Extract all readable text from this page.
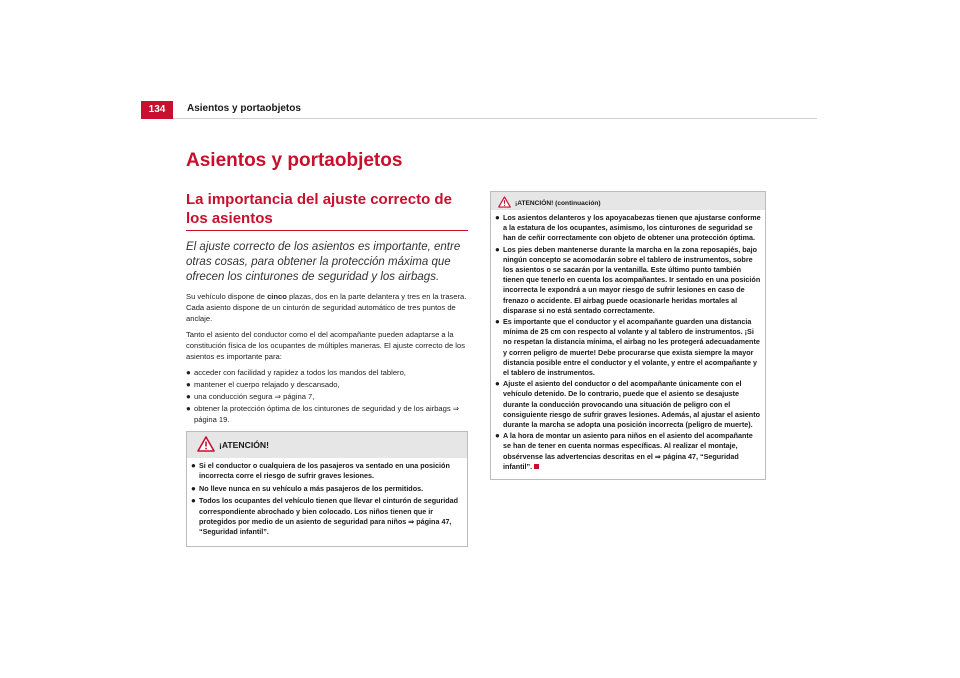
134	Asientos y portaobjetos
Asientos y portaobjetos
La importancia del ajuste correcto de los asientos

El ajuste correcto de los asientos es importante, entre otras cosas, para obtener la protección máxima que ofrecen los cinturones de seguridad y los airbags.

Su vehículo dispone de cinco plazas, dos en la parte delantera y tres en la trasera. Cada asiento dispone de un cinturón de seguridad automático de tres puntos de anclaje.

Tanto el asiento del conductor como el del acompañante pueden adaptarse a la constitución física de los ocupantes de múltiples maneras. El ajuste correcto de los asientos es importante para:

● acceder con facilidad y rapidez a todos los mandos del tablero,
● mantener el cuerpo relajado y descansado,
● una conducción segura ⇒ página 7,
● obtener la protección óptima de los cinturones de seguridad y de los airbags ⇒ página 19.
¡ATENCIÓN!
● Si el conductor o cualquiera de los pasajeros va sentado en una posición incorrecta corre el riesgo de sufrir graves lesiones.
● No lleve nunca en su vehículo a más pasajeros de los permitidos.
● Todos los ocupantes del vehículo tienen que llevar el cinturón de seguridad correspondiente abrochado y bien colocado. Los niños tienen que ir protegidos por medio de un asiento de seguridad para niños ⇒ página 47, “Seguridad infantil”.
¡ATENCIÓN! (continuación)
● Los asientos delanteros y los apoyacabezas tienen que ajustarse conforme a la estatura de los ocupantes, asimismo, los cinturones de seguridad se han de ceñir correctamente con objeto de obtener una protección óptima.
● Los pies deben mantenerse durante la marcha en la zona reposapiés, bajo ningún concepto se acomodarán sobre el tablero de instrumentos, sobre los asientos o se sacarán por la ventanilla. Este último punto también tienen que tenerlo en cuenta los acompañantes. Ir sentado en una posición incorrecta le expondrá a un mayor riesgo de sufrir lesiones en caso de frenazo o accidente. El airbag puede ocasionarle heridas mortales al disparase si no está sentado correctamente.
● Es importante que el conductor y el acompañante guarden una distancia mínima de 25 cm con respecto al volante y al tablero de instrumentos. ¡Si no respetan la distancia mínima, el airbag no les protegerá adecuadamente y corren peligro de muerte! Debe procurarse que exista siempre la mayor distancia posible entre el conductor y el volante, y entre el acompañante y el tablero de instrumentos.
● Ajuste el asiento del conductor o del acompañante únicamente con el vehículo detenido. De lo contrario, puede que el asiento se desajuste durante la conducción provocando una situación de peligro con el consiguiente riesgo de sufrir graves lesiones. Además, al ajustar el asiento durante la marcha se adopta una posición incorrecta (peligro de muerte).
● A la hora de montar un asiento para niños en el asiento del acompañante se han de tener en cuenta normas específicas. Al realizar el montaje, obsérvense las advertencias descritas en el ⇒ página 47, “Seguridad infantil”.
